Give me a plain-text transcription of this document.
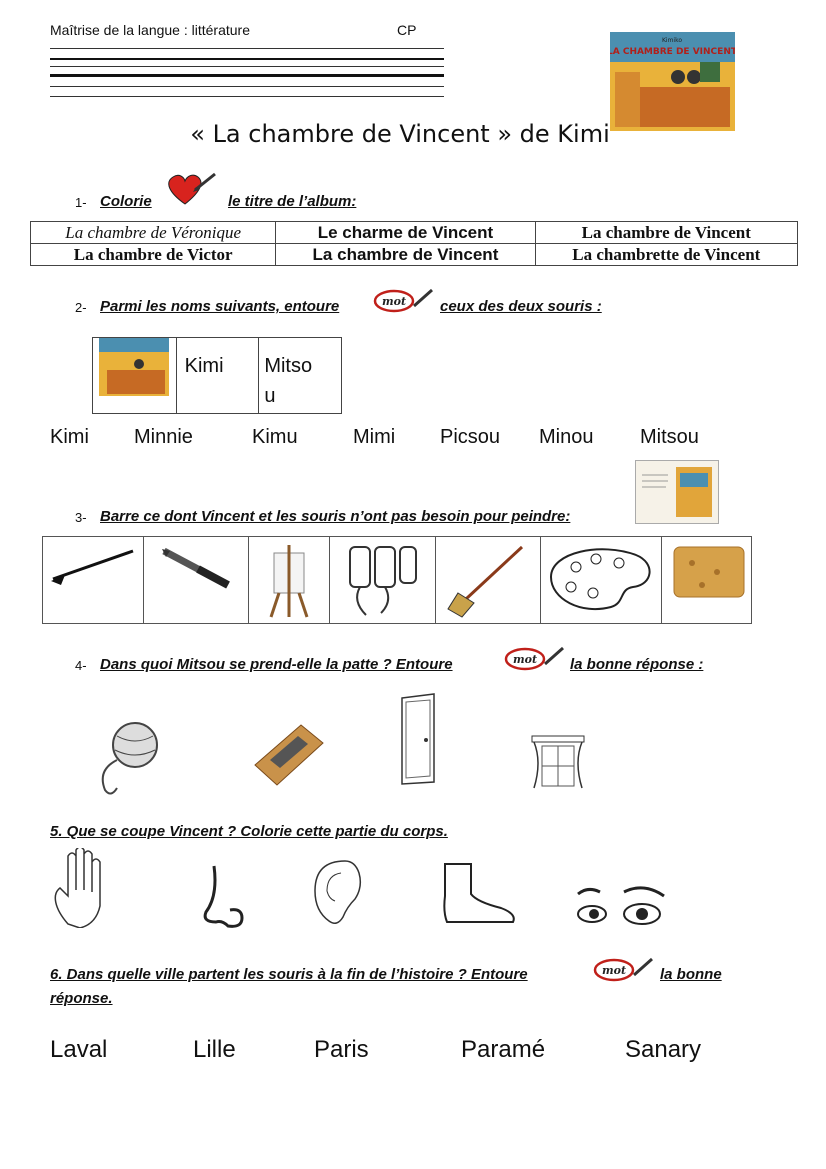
Maîtrise de la langue : littérature	CP
Kimiko
LA CHAMBRE DE VINCENT
« La chambre de Vincent » de Kimi
1- Colorie	le titre de l’album:
La chambre de Véronique	Le charme de Vincent	La chambre de Vincent
La chambre de Victor	La chambre de Vincent	La chambrette de Vincent
2- Parmi les noms suivants, entoure	mot ceux des deux souris :
Kimi	Mitso
u
Kimi Minnie	Kimu	Mimi Picsou Minou Mitsou
3- Barre ce dont Vincent et les souris n’ont pas besoin pour peindre:
4- Dans quoi Mitsou se prend-elle la patte ? Entoure	mot la bonne réponse :
5. Que se coupe Vincent ? Colorie cette partie du corps.
6. Dans quelle ville partent les souris à la fin de l’histoire ? Entoure	mot la bonne
réponse.
Laval	Lille	Paris	Paramé	Sanary
